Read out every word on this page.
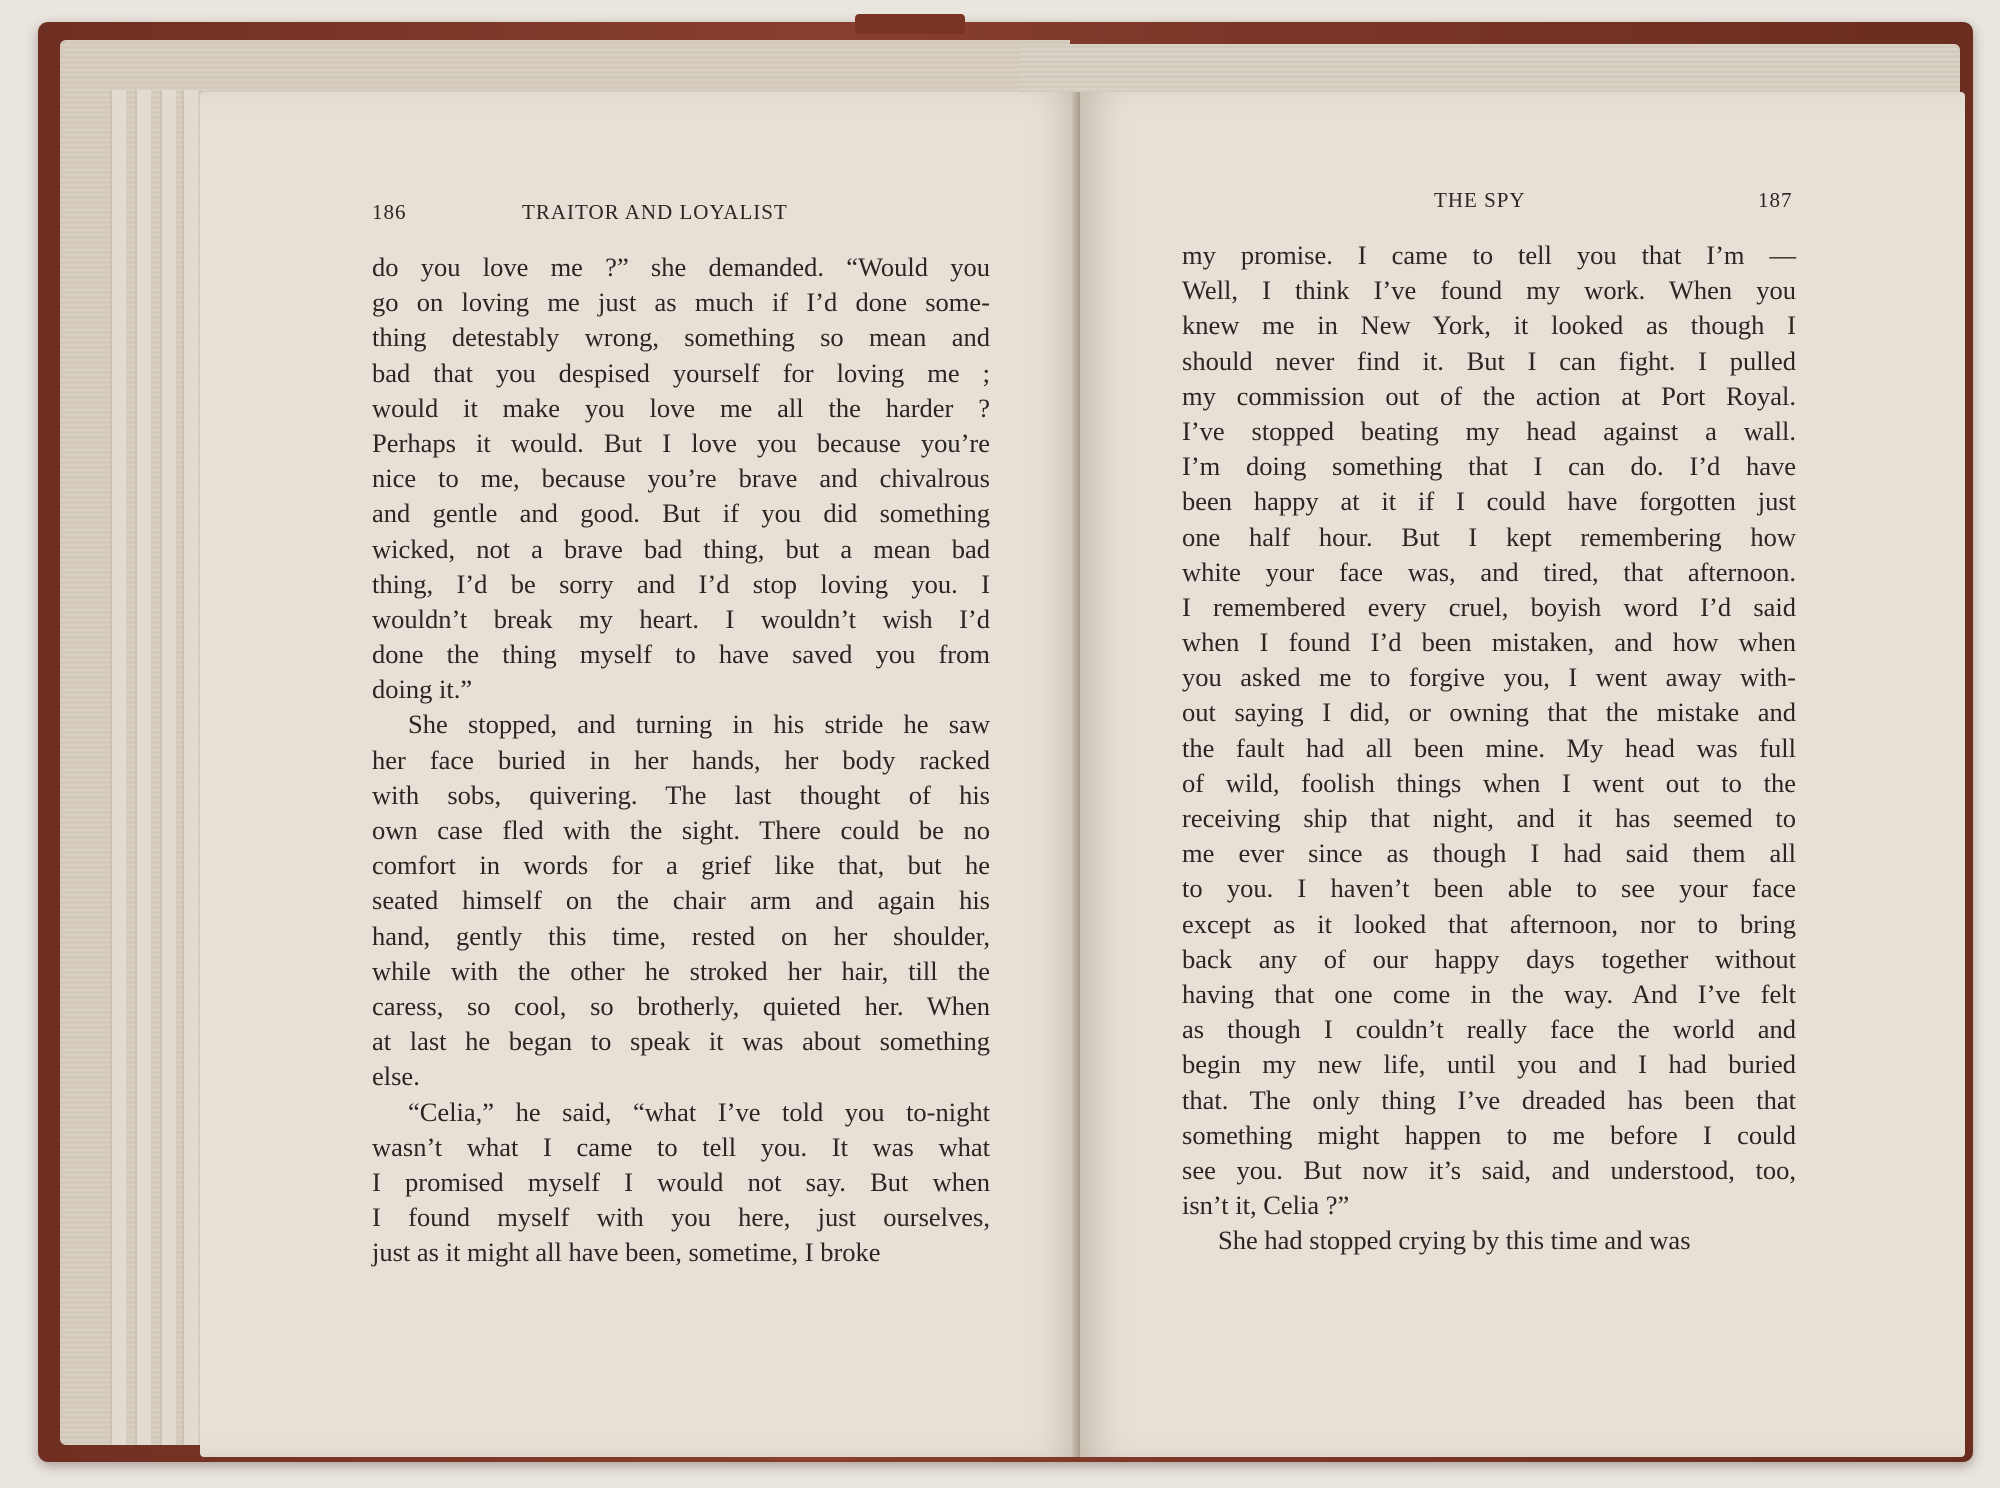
186	TRAITOR AND LOYALIST
do you love me ?” she demanded. “Would you
go on loving me just as much if I’d done some-
thing detestably wrong, something so mean and
bad that you despised yourself for loving me ;
would it make you love me all the harder ?
Perhaps it would. But I love you because you’re
nice to me, because you’re brave and chivalrous
and gentle and good. But if you did something
wicked, not a brave bad thing, but a mean bad
thing, I’d be sorry and I’d stop loving you. I
wouldn’t break my heart. I wouldn’t wish I’d
done the thing myself to have saved you from
doing it.”
She stopped, and turning in his stride he saw
her face buried in her hands, her body racked
with sobs, quivering. The last thought of his
own case fled with the sight. There could be no
comfort in words for a grief like that, but he
seated himself on the chair arm and again his
hand, gently this time, rested on her shoulder,
while with the other he stroked her hair, till the
caress, so cool, so brotherly, quieted her. When
at last he began to speak it was about something
else.
“Celia,” he said, “what I’ve told you to-night
wasn’t what I came to tell you. It was what
I promised myself I would not say. But when
I found myself with you here, just ourselves,
just as it might all have been, sometime, I broke
THE SPY	187
my promise. I came to tell you that I’m —
Well, I think I’ve found my work. When you
knew me in New York, it looked as though I
should never find it. But I can fight. I pulled
my commission out of the action at Port Royal.
I’ve stopped beating my head against a wall.
I’m doing something that I can do. I’d have
been happy at it if I could have forgotten just
one half hour. But I kept remembering how
white your face was, and tired, that afternoon.
I remembered every cruel, boyish word I’d said
when I found I’d been mistaken, and how when
you asked me to forgive you, I went away with-
out saying I did, or owning that the mistake and
the fault had all been mine. My head was full
of wild, foolish things when I went out to the
receiving ship that night, and it has seemed to
me ever since as though I had said them all
to you. I haven’t been able to see your face
except as it looked that afternoon, nor to bring
back any of our happy days together without
having that one come in the way. And I’ve felt
as though I couldn’t really face the world and
begin my new life, until you and I had buried
that. The only thing I’ve dreaded has been that
something might happen to me before I could
see you. But now it’s said, and understood, too,
isn’t it, Celia ?”
She had stopped crying by this time and was
